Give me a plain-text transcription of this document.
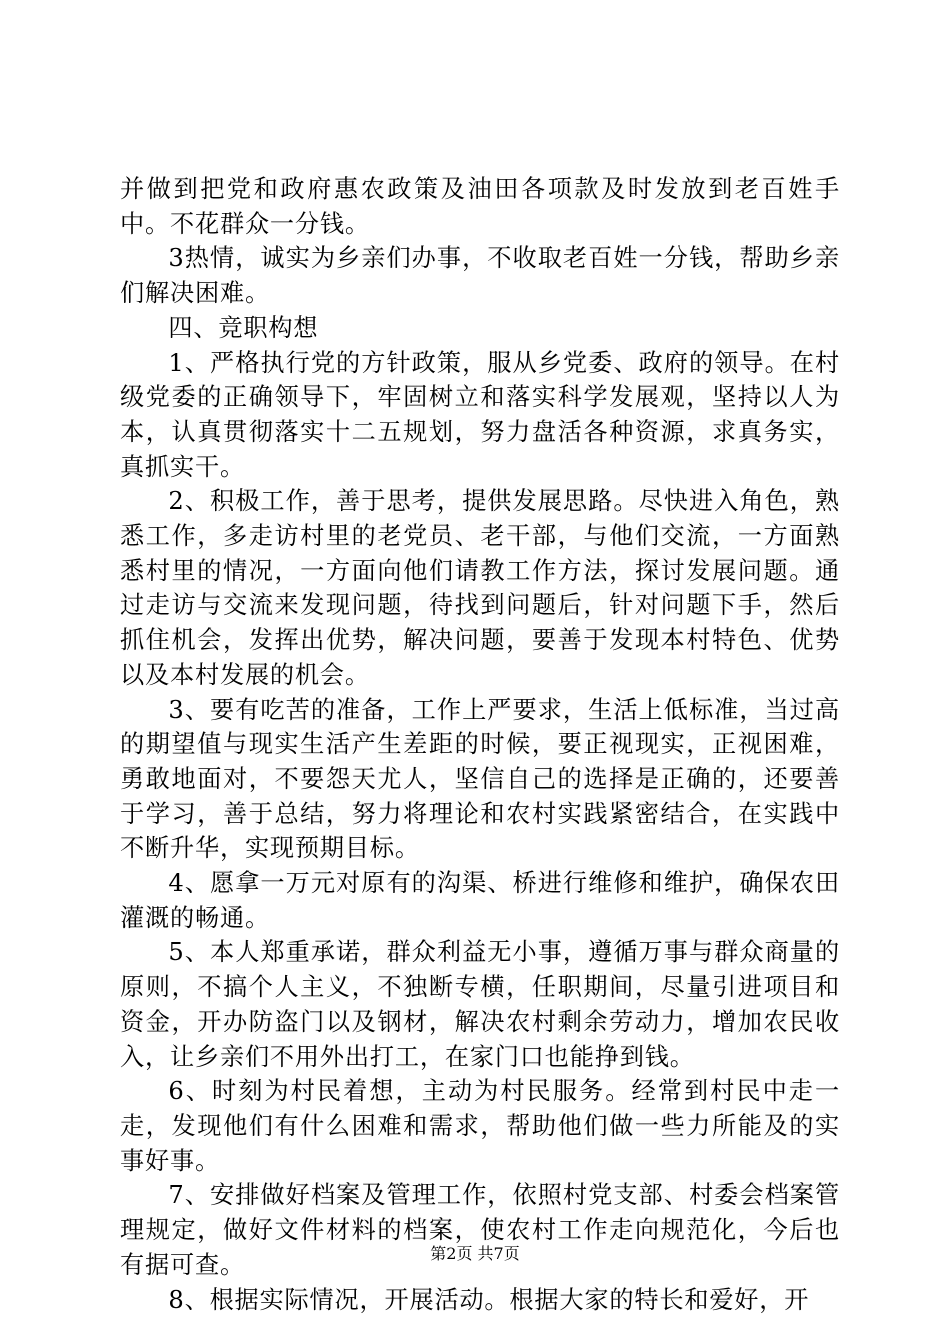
并做到把党和政府惠农政策及油田各项款及时发放到老百姓手中。不花群众一分钱。

3热情，诚实为乡亲们办事，不收取老百姓一分钱，帮助乡亲们解决困难。

四、竞职构想

1、严格执行党的方针政策，服从乡党委、政府的领导。在村级党委的正确领导下，牢固树立和落实科学发展观，坚持以人为本，认真贯彻落实十二五规划，努力盘活各种资源，求真务实，真抓实干。

2、积极工作，善于思考，提供发展思路。尽快进入角色，熟悉工作，多走访村里的老党员、老干部，与他们交流，一方面熟悉村里的情况，一方面向他们请教工作方法，探讨发展问题。通过走访与交流来发现问题，待找到问题后，针对问题下手，然后抓住机会，发挥出优势，解决问题，要善于发现本村特色、优势以及本村发展的机会。

3、要有吃苦的准备，工作上严要求，生活上低标准，当过高的期望值与现实生活产生差距的时候，要正视现实，正视困难，勇敢地面对，不要怨天尤人，坚信自己的选择是正确的，还要善于学习，善于总结，努力将理论和农村实践紧密结合，在实践中不断升华，实现预期目标。

4、愿拿一万元对原有的沟渠、桥进行维修和维护，确保农田灌溉的畅通。

5、本人郑重承诺，群众利益无小事，遵循万事与群众商量的原则，不搞个人主义，不独断专横，任职期间，尽量引进项目和资金，开办防盗门以及钢材，解决农村剩余劳动力，增加农民收入，让乡亲们不用外出打工，在家门口也能挣到钱。

6、时刻为村民着想，主动为村民服务。经常到村民中走一走，发现他们有什么困难和需求，帮助他们做一些力所能及的实事好事。

7、安排做好档案及管理工作，依照村党支部、村委会档案管理规定，做好文件材料的档案，使农村工作走向规范化，今后也有据可查。

8、根据实际情况，开展活动。根据大家的特长和爱好，开

第2页 共7页
